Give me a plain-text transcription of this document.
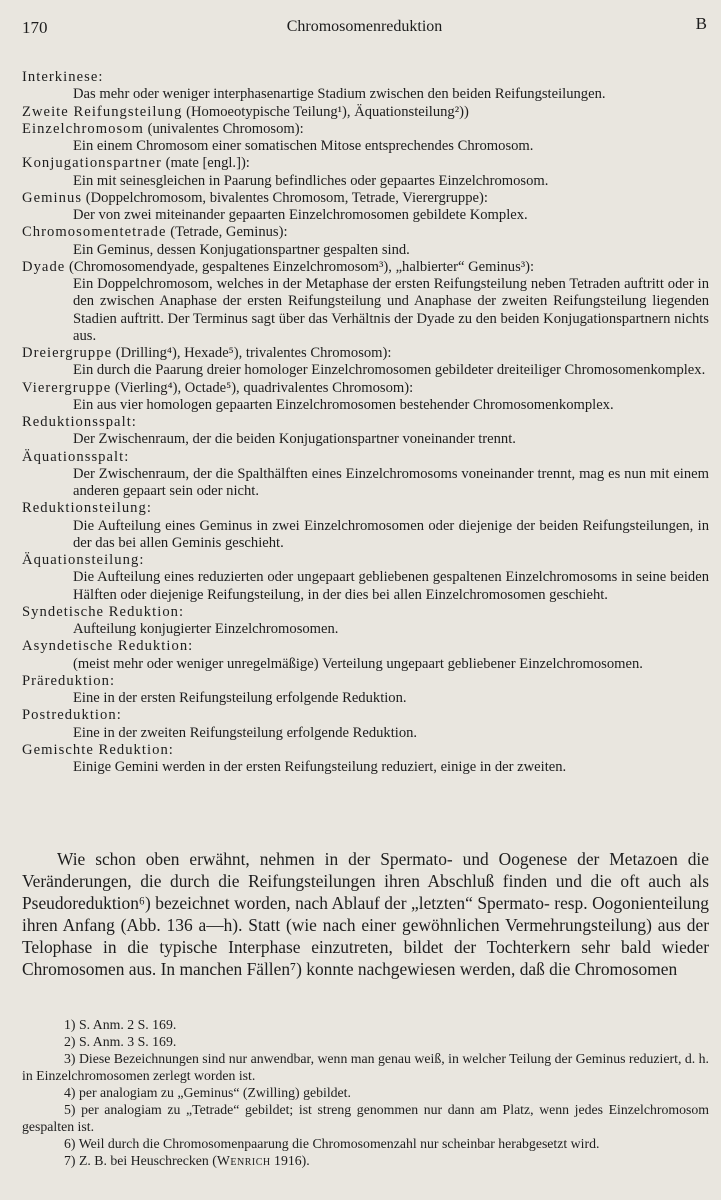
170	Chromosomenreduktion	B
Interkinese:
Das mehr oder weniger interphasenartige Stadium zwischen den beiden Reifungsteilungen.
Zweite Reifungsteilung (Homoeotypische Teilung¹), Äquationsteilung²))
Einzelchromosom (univalentes Chromosom):
Ein einem Chromosom einer somatischen Mitose entsprechendes Chromosom.
Konjugationspartner (mate [engl.]):
Ein mit seinesgleichen in Paarung befindliches oder gepaartes Einzelchromosom.
Geminus (Doppelchromosom, bivalentes Chromosom, Tetrade, Vierergruppe):
Der von zwei miteinander gepaarten Einzelchromosomen gebildete Komplex.
Chromosomentetrade (Tetrade, Geminus):
Ein Geminus, dessen Konjugationspartner gespalten sind.
Dyade (Chromosomendyade, gespaltenes Einzelchromosom³), „halbierter“ Geminus³):
Ein Doppelchromosom, welches in der Metaphase der ersten Reifungsteilung neben Tetraden auftritt oder in den zwischen Anaphase der ersten Reifungsteilung und Anaphase der zweiten Reifungsteilung liegenden Stadien auftritt. Der Terminus sagt über das Verhältnis der Dyade zu den beiden Konjugationspartnern nichts aus.
Dreiergruppe (Drilling⁴), Hexade⁵), trivalentes Chromosom):
Ein durch die Paarung dreier homologer Einzelchromosomen gebildeter dreiteiliger Chromosomenkomplex.
Vierergruppe (Vierling⁴), Octade⁵), quadrivalentes Chromosom):
Ein aus vier homologen gepaarten Einzelchromosomen bestehender Chromosomenkomplex.
Reduktionsspalt:
Der Zwischenraum, der die beiden Konjugationspartner voneinander trennt.
Äquationsspalt:
Der Zwischenraum, der die Spalthälften eines Einzelchromosoms voneinander trennt, mag es nun mit einem anderen gepaart sein oder nicht.
Reduktionsteilung:
Die Aufteilung eines Geminus in zwei Einzelchromosomen oder diejenige der beiden Reifungsteilungen, in der das bei allen Geminis geschieht.
Äquationsteilung:
Die Aufteilung eines reduzierten oder ungepaart gebliebenen gespaltenen Einzelchromosoms in seine beiden Hälften oder diejenige Reifungsteilung, in der dies bei allen Einzelchromosomen geschieht.
Syndetische Reduktion:
Aufteilung konjugierter Einzelchromosomen.
Asyndetische Reduktion:
(meist mehr oder weniger unregelmäßige) Verteilung ungepaart gebliebener Einzelchromosomen.
Präreduktion:
Eine in der ersten Reifungsteilung erfolgende Reduktion.
Postreduktion:
Eine in der zweiten Reifungsteilung erfolgende Reduktion.
Gemischte Reduktion:
Einige Gemini werden in der ersten Reifungsteilung reduziert, einige in der zweiten.
Wie schon oben erwähnt, nehmen in der Spermato- und Oogenese der Metazoen die Veränderungen, die durch die Reifungsteilungen ihren Abschluß finden und die oft auch als Pseudoreduktion⁶) bezeichnet worden, nach Ablauf der „letzten“ Spermato- resp. Oogonienteilung ihren Anfang (Abb. 136 a—h). Statt (wie nach einer gewöhnlichen Vermehrungsteilung) aus der Telophase in die typische Interphase einzutreten, bildet der Tochterkern sehr bald wieder Chromosomen aus. In manchen Fällen⁷) konnte nachgewiesen werden, daß die Chromosomen
1) S. Anm. 2 S. 169.
2) S. Anm. 3 S. 169.
3) Diese Bezeichnungen sind nur anwendbar, wenn man genau weiß, in welcher Teilung der Geminus reduziert, d. h. in Einzelchromosomen zerlegt worden ist.
4) per analogiam zu „Geminus“ (Zwilling) gebildet.
5) per analogiam zu „Tetrade“ gebildet; ist streng genommen nur dann am Platz, wenn jedes Einzelchromosom gespalten ist.
6) Weil durch die Chromosomenpaarung die Chromosomenzahl nur scheinbar herabgesetzt wird.
7) Z. B. bei Heuschrecken (Wenrich 1916).
